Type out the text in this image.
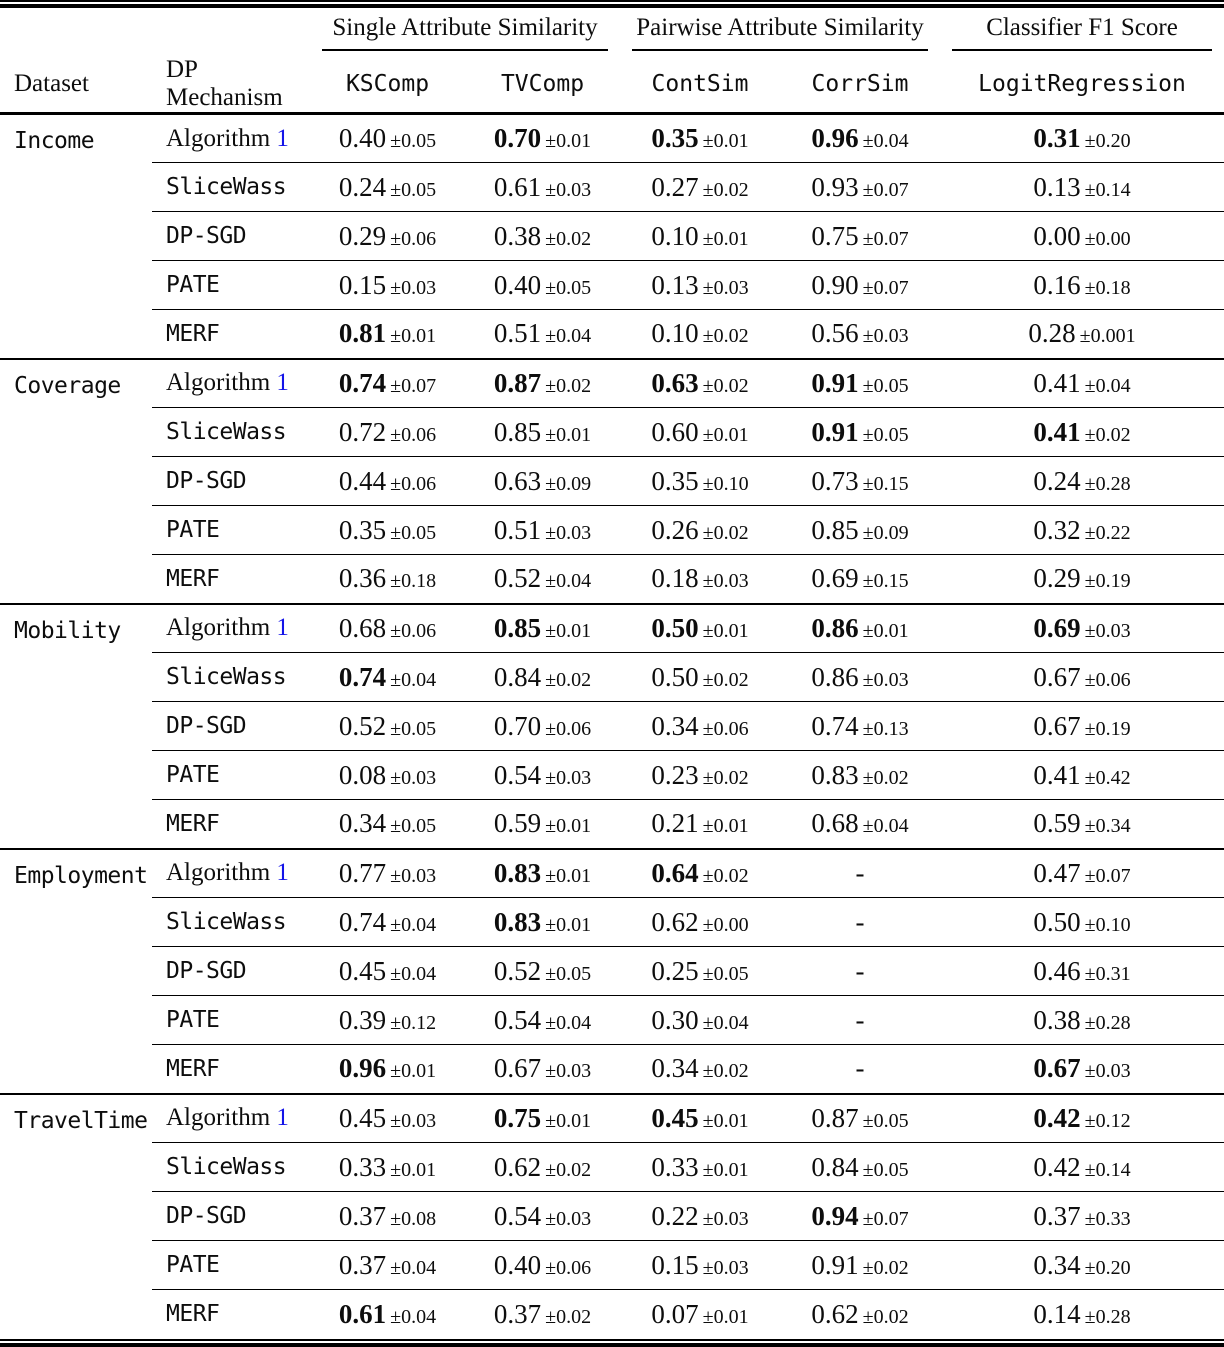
		Single Attribute Similarity		Pairwise Attribute Similarity		Classifier F1 Score

Dataset	DP Mechanism	KSComp	TVComp	ContSim	CorrSim	LogitRegression
Income	Algorithm 1	0.40 ±0.05	0.70 ±0.01	0.35 ±0.01	0.96 ±0.04	0.31 ±0.20
	SliceWass	0.24 ±0.05	0.61 ±0.03	0.27 ±0.02	0.93 ±0.07	0.13 ±0.14
	DP-SGD	0.29 ±0.06	0.38 ±0.02	0.10 ±0.01	0.75 ±0.07	0.00 ±0.00
	PATE	0.15 ±0.03	0.40 ±0.05	0.13 ±0.03	0.90 ±0.07	0.16 ±0.18
	MERF	0.81 ±0.01	0.51 ±0.04	0.10 ±0.02	0.56 ±0.03	0.28 ±0.001
Coverage	Algorithm 1	0.74 ±0.07	0.87 ±0.02	0.63 ±0.02	0.91 ±0.05	0.41 ±0.04
	SliceWass	0.72 ±0.06	0.85 ±0.01	0.60 ±0.01	0.91 ±0.05	0.41 ±0.02
	DP-SGD	0.44 ±0.06	0.63 ±0.09	0.35 ±0.10	0.73 ±0.15	0.24 ±0.28
	PATE	0.35 ±0.05	0.51 ±0.03	0.26 ±0.02	0.85 ±0.09	0.32 ±0.22
	MERF	0.36 ±0.18	0.52 ±0.04	0.18 ±0.03	0.69 ±0.15	0.29 ±0.19
Mobility	Algorithm 1	0.68 ±0.06	0.85 ±0.01	0.50 ±0.01	0.86 ±0.01	0.69 ±0.03
	SliceWass	0.74 ±0.04	0.84 ±0.02	0.50 ±0.02	0.86 ±0.03	0.67 ±0.06
	DP-SGD	0.52 ±0.05	0.70 ±0.06	0.34 ±0.06	0.74 ±0.13	0.67 ±0.19
	PATE	0.08 ±0.03	0.54 ±0.03	0.23 ±0.02	0.83 ±0.02	0.41 ±0.42
	MERF	0.34 ±0.05	0.59 ±0.01	0.21 ±0.01	0.68 ±0.04	0.59 ±0.34
Employment	Algorithm 1	0.77 ±0.03	0.83 ±0.01	0.64 ±0.02	-	0.47 ±0.07
	SliceWass	0.74 ±0.04	0.83 ±0.01	0.62 ±0.00	-	0.50 ±0.10
	DP-SGD	0.45 ±0.04	0.52 ±0.05	0.25 ±0.05	-	0.46 ±0.31
	PATE	0.39 ±0.12	0.54 ±0.04	0.30 ±0.04	-	0.38 ±0.28
	MERF	0.96 ±0.01	0.67 ±0.03	0.34 ±0.02	-	0.67 ±0.03
TravelTime	Algorithm 1	0.45 ±0.03	0.75 ±0.01	0.45 ±0.01	0.87 ±0.05	0.42 ±0.12
	SliceWass	0.33 ±0.01	0.62 ±0.02	0.33 ±0.01	0.84 ±0.05	0.42 ±0.14
	DP-SGD	0.37 ±0.08	0.54 ±0.03	0.22 ±0.03	0.94 ±0.07	0.37 ±0.33
	PATE	0.37 ±0.04	0.40 ±0.06	0.15 ±0.03	0.91 ±0.02	0.34 ±0.20
	MERF	0.61 ±0.04	0.37 ±0.02	0.07 ±0.01	0.62 ±0.02	0.14 ±0.28
